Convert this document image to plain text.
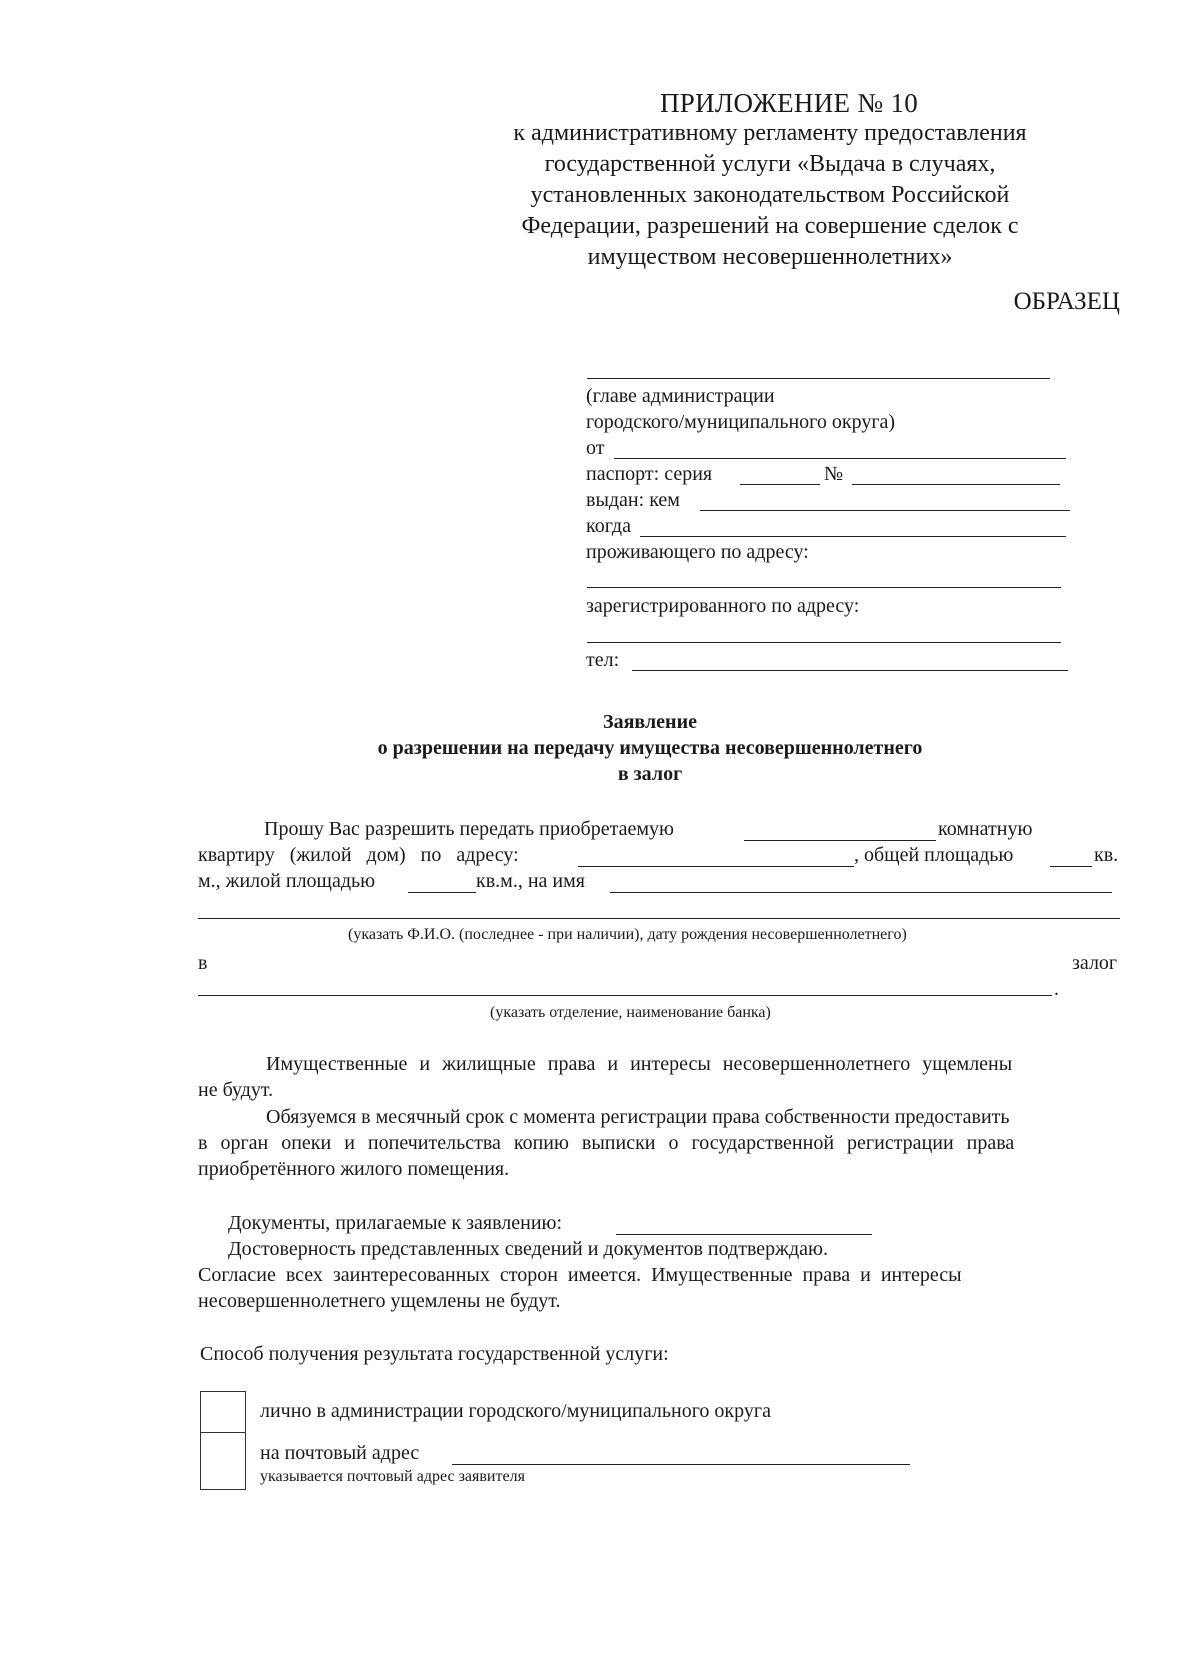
ПРИЛОЖЕНИЕ № 10
к административному регламенту предоставления
государственной услуги «Выдача в случаях,
установленных законодательством Российской
Федерации, разрешений на совершение сделок с
имуществом несовершеннолетних»
ОБРАЗЕЦ
(главе администрации
городского/муниципального округа)
от
паспорт: серия	№
выдан: кем
когда
проживающего по адресу:
зарегистрированного по адресу:
тел:
Заявление
о разрешении на передачу имущества несовершеннолетнего
в залог
Прошу Вас разрешить передать приобретаемую	комнатную
квартиру (жилой дом) по адресу:	, общей площадью	кв.
м., жилой площадью	кв.м., на имя
(указать Ф.И.О. (последнее - при наличии), дату рождения несовершеннолетнего)
в	залог
.
(указать отделение, наименование банка)
Имущественные и жилищные права и интересы несовершеннолетнего ущемлены
не будут.
Обязуемся в месячный срок с момента регистрации права собственности предоставить
в орган опеки и попечительства копию выписки о государственной регистрации права
приобретённого жилого помещения.
Документы, прилагаемые к заявлению:
Достоверность представленных сведений и документов подтверждаю.
Согласие всех заинтересованных сторон имеется. Имущественные права и интересы
несовершеннолетнего ущемлены не будут.
Способ получения результата государственной услуги:
лично в администрации городского/муниципального округа
на почтовый адрес
указывается почтовый адрес заявителя
